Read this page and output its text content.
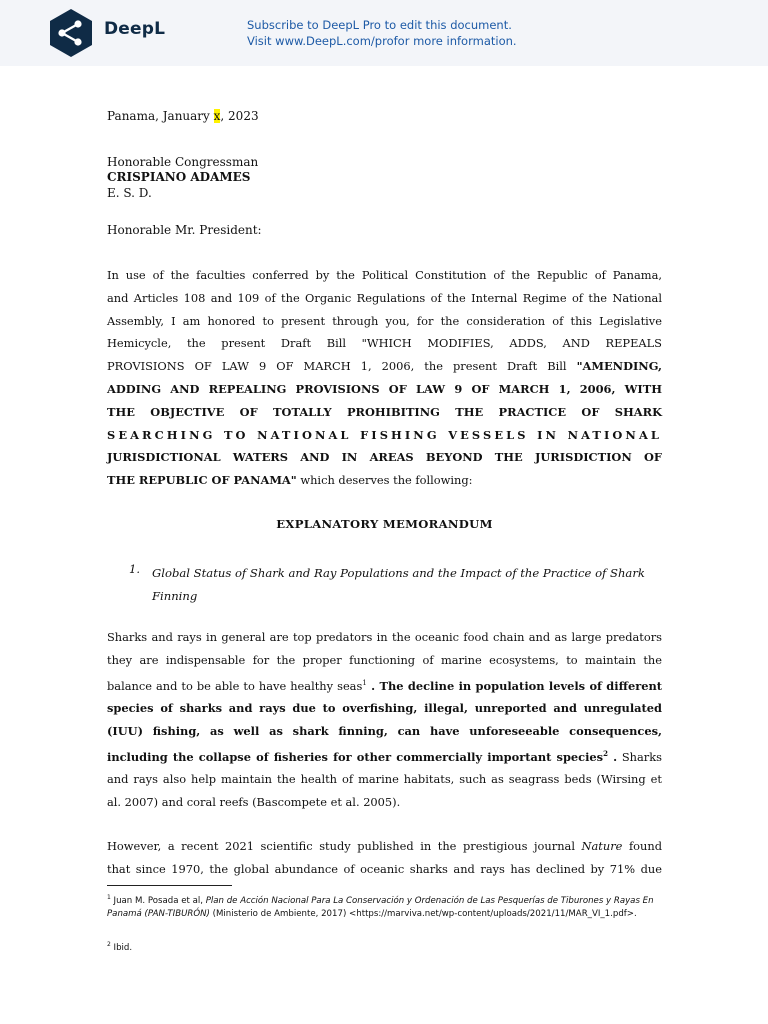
DeepL	Subscribe to DeepL Pro to edit this document.
Visit www.DeepL.com/profor more information.

Panama, January x, 2023

Honorable Congressman

CRISPIANO ADAMES

E. S. D.

Honorable Mr. President:

In use of the faculties conferred by the Political Constitution of the Republic of Panama,
and Articles 108 and 109 of the Organic Regulations of the Internal Regime of the National
Assembly, I am honored to present through you, for the consideration of this Legislative
Hemicycle, the present Draft Bill "WHICH MODIFIES, ADDS, AND REPEALS
PROVISIONS OF LAW 9 OF MARCH 1, 2006, the present Draft Bill "AMENDING,
ADDING AND REPEALING PROVISIONS OF LAW 9 OF MARCH 1, 2006, WITH
THE OBJECTIVE OF TOTALLY PROHIBITING THE PRACTICE OF SHARK
SEARCHING TO NATIONAL FISHING VESSELS IN NATIONAL
JURISDICTIONAL WATERS AND IN AREAS BEYOND THE JURISDICTION OF
THE REPUBLIC OF PANAMA" which deserves the following:
EXPLANATORY MEMORANDUM
1. Global Status of Shark and Ray Populations and the Impact of the Practice of Shark
Finning
Sharks and rays in general are top predators in the oceanic food chain and as large predators
they are indispensable for the proper functioning of marine ecosystems, to maintain the
balance and to be able to have healthy seas$^1$ . The decline in population levels of different
species of sharks and rays due to overfishing, illegal, unreported and unregulated
(IUU) fishing, as well as shark finning, can have unforeseeable consequences,
including the collapse of fisheries for other commercially important species$^2$ . Sharks
and rays also help maintain the health of marine habitats, such as seagrass beds (Wirsing et
al. 2007) and coral reefs (Bascompete et al. 2005).
However, a recent 2021 scientific study published in the prestigious journal Nature found
that since 1970, the global abundance of oceanic sharks and rays has declined by 71% due
$^1$ Juan M. Posada et al, Plan de Acción Nacional Para La Conservación y Ordenación de Las Pesquerías de Tiburones y Rayas En Panamá (PAN-TIBURÓN) (Ministerio de Ambiente, 2017) <https://marviva.net/wp-content/uploads/2021/11/MAR_VI_1.pdf>.
$^2$ Ibid.
